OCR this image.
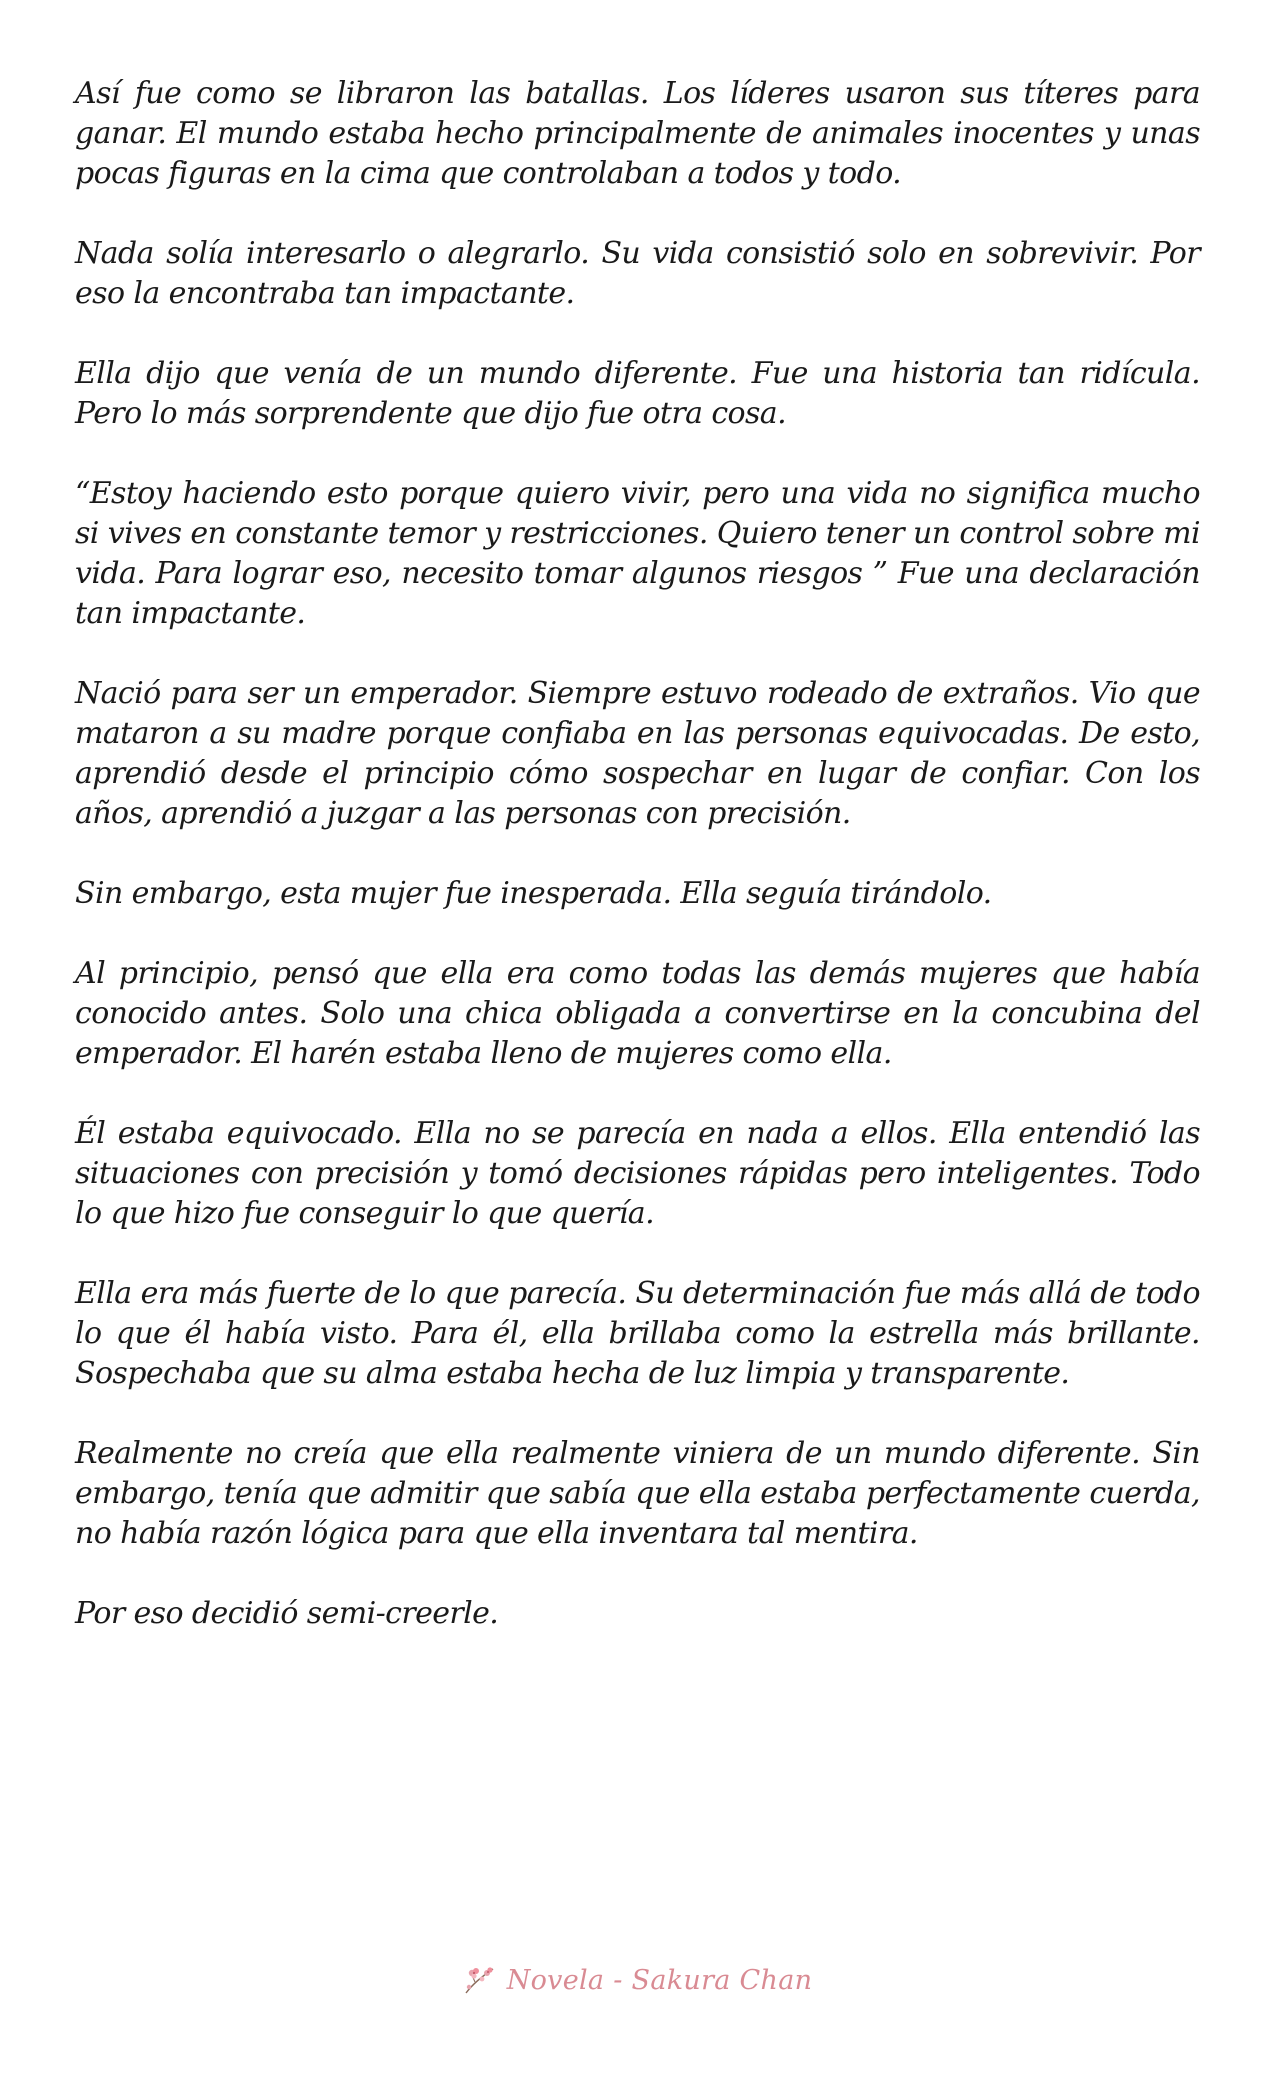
Así fue como se libraron las batallas. Los líderes usaron sus títeres para ganar. El mundo estaba hecho principalmente de animales inocentes y unas pocas figuras en la cima que controlaban a todos y todo.

Nada solía interesarlo o alegrarlo. Su vida consistió solo en sobrevivir. Por eso la encontraba tan impactante.

Ella dijo que venía de un mundo diferente. Fue una historia tan ridícula. Pero lo más sorprendente que dijo fue otra cosa.

“Estoy haciendo esto porque quiero vivir, pero una vida no significa mucho si vives en constante temor y restricciones. Quiero tener un control sobre mi vida. Para lograr eso, necesito tomar algunos riesgos ” Fue una declaración tan impactante.

Nació para ser un emperador. Siempre estuvo rodeado de extraños. Vio que mataron a su madre porque confiaba en las personas equivocadas. De esto, aprendió desde el principio cómo sospechar en lugar de confiar. Con los años, aprendió a juzgar a las personas con precisión.

Sin embargo, esta mujer fue inesperada. Ella seguía tirándolo.

Al principio, pensó que ella era como todas las demás mujeres que había conocido antes. Solo una chica obligada a convertirse en la concubina del emperador. El harén estaba lleno de mujeres como ella.

Él estaba equivocado. Ella no se parecía en nada a ellos. Ella entendió las situaciones con precisión y tomó decisiones rápidas pero inteligentes. Todo lo que hizo fue conseguir lo que quería.

Ella era más fuerte de lo que parecía. Su determinación fue más allá de todo lo que él había visto. Para él, ella brillaba como la estrella más brillante. Sospechaba que su alma estaba hecha de luz limpia y transparente.

Realmente no creía que ella realmente viniera de un mundo diferente. Sin embargo, tenía que admitir que sabía que ella estaba perfectamente cuerda, no había razón lógica para que ella inventara tal mentira.

Por eso decidió semi-creerle.

Novela - Sakura Chan
